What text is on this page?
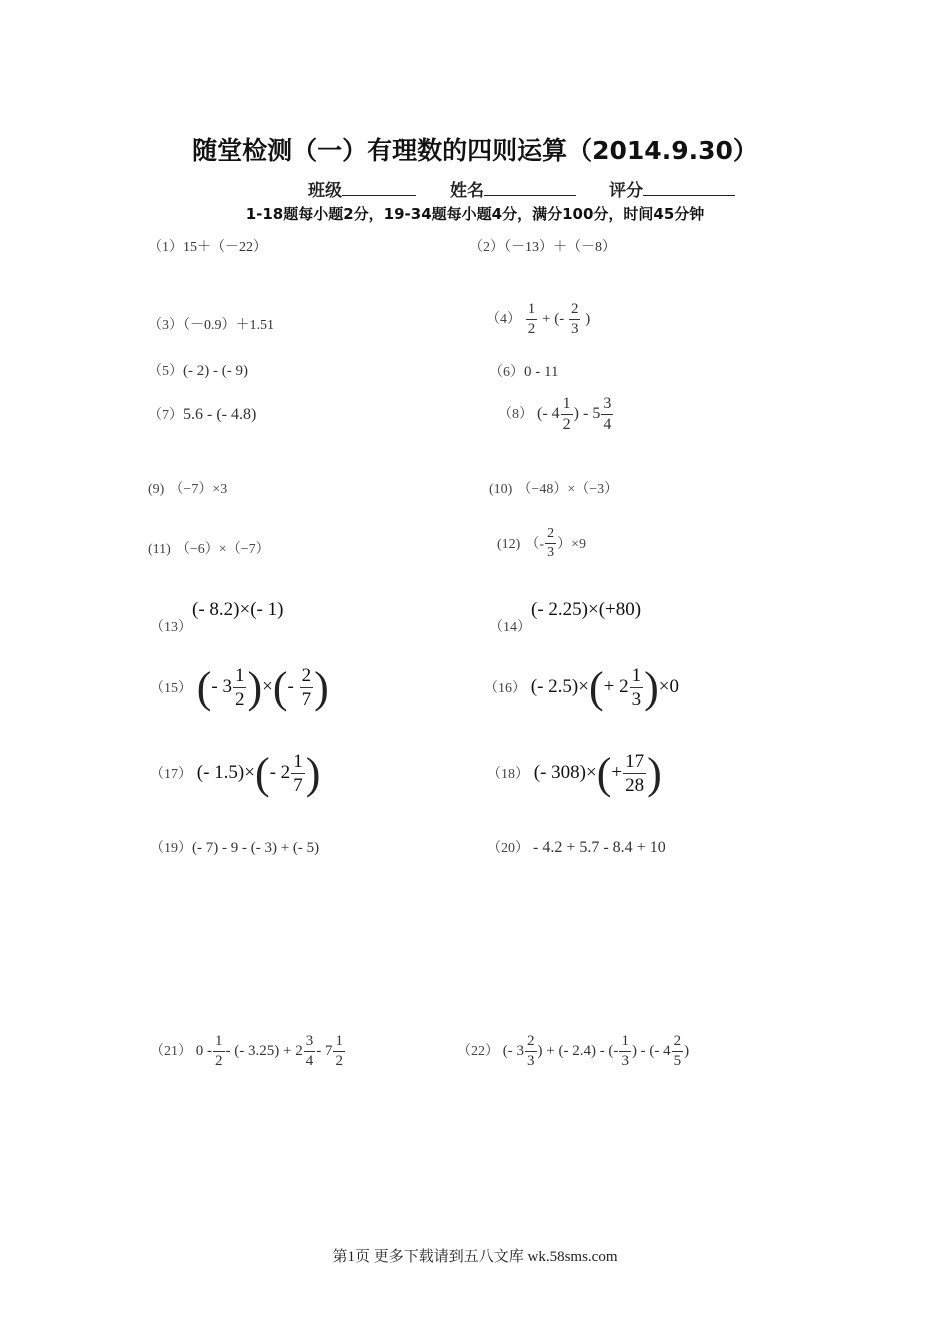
随堂检测（一）有理数的四则运算（2014.9.30）
班级	姓名	评分
1-18题每小题2分，19-34题每小题4分，满分100分，时间45分钟
（1）15＋（－22）	（2）（－13）＋（－8）
（3）（－0.9）＋1.51	$(4) \frac{1}{2}$ + (- $\frac{2}{3}$ )
（5）(- 2) - (- 9)	（6）0 - 11
（7）5.6 - (- 4.8)	（8） (- $4 \frac{1}{2}$ ) - $5 \frac{3}{4}$
(9) （−7）×3	(10) （−48）×（−3）
(11) （−6）×（−7）	(12) （- $\frac{2}{3} )\times 9$
（13）(- 8.2)×(- 1)
（14）(- 2.25)×(+80)
（15） (- $3 \frac{1}{2}$ )×(- $\frac{2}{7}$ )	（16） (- $2.5)\times(+ 2 \frac{1}{3} )\times 0$
（17） (- 1.5)×(- $2 \frac{1}{7}$ )	（18） (- $308)\times(+ \frac{17}{28}$ )
（19）(- 7) - 9 - (- 3) + (- 5)	（20） - 4.2 + 5.7 - 8.4 + 10
（21） $0 - \frac{1}{2}$ - (- $3.25) + 2 \frac{3}{4} - 7 \frac{1}{2}$	（22） (- $3 \frac{2}{3}$ ) + (- 2.4) - (- $\frac{1}{3}$ ) - (- $4 \frac{2}{5}$ )
第1页 更多下载请到五八文库 wk.58sms.com
